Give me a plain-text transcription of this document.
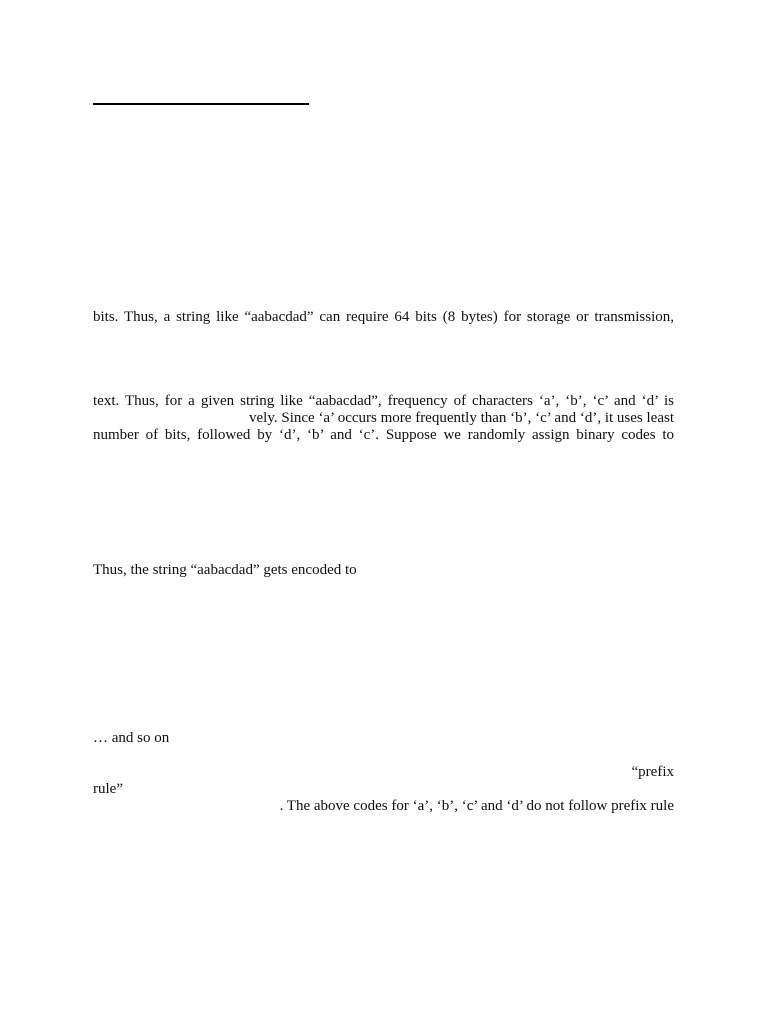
bits. Thus, a string like “aabacdad” can require 64 bits (8 bytes) for storage or transmission,

text. Thus, for a given string like “aabacdad”, frequency of characters ‘a’, ‘b’, ‘c’ and ‘d’ is

vely. Since ‘a’ occurs more frequently than ‘b’, ‘c’ and ‘d’, it uses least

number of bits, followed by ‘d’, ‘b’ and ‘c’. Suppose we randomly assign binary codes to

Thus, the string “aabacdad” gets encoded to

… and so on

“prefix

rule”

. The above codes for ‘a’, ‘b’, ‘c’ and ‘d’ do not follow prefix rule
